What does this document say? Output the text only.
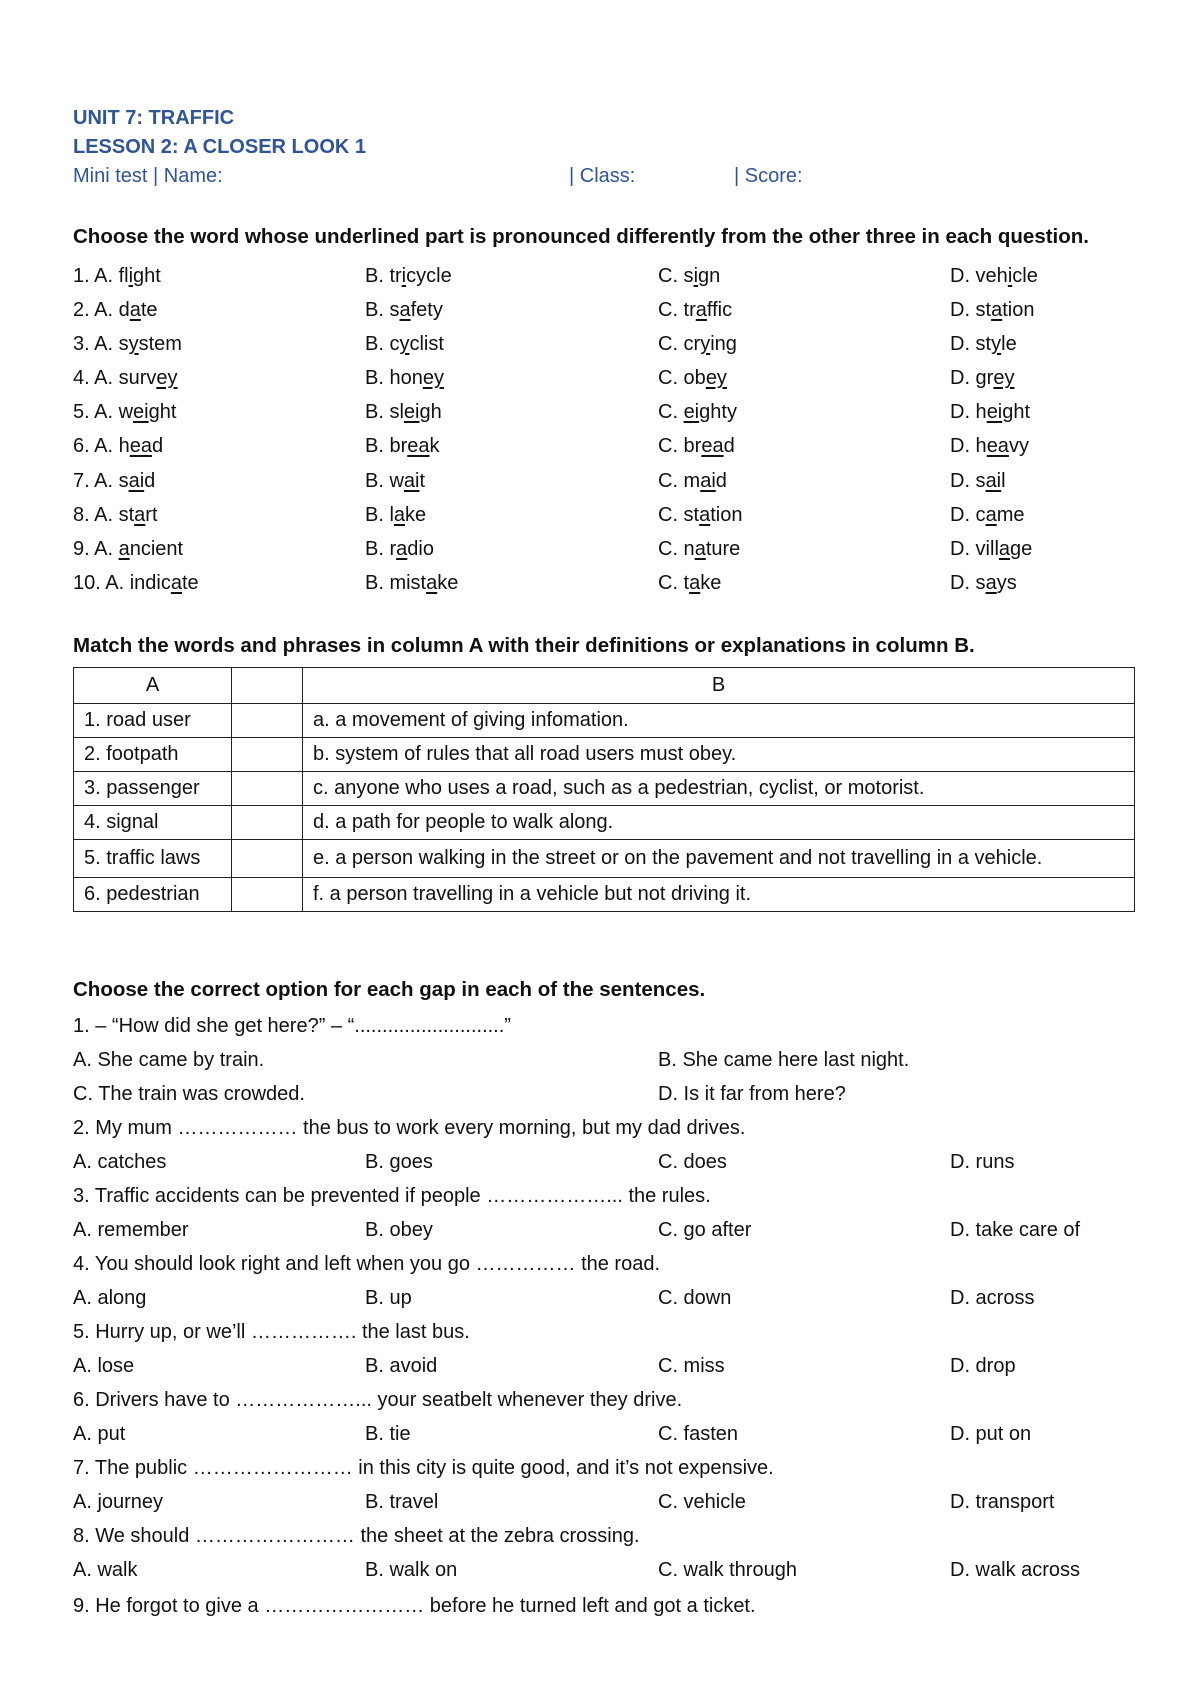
UNIT 7: TRAFFIC
LESSON 2: A CLOSER LOOK 1
Mini test | Name:	| Class:	| Score:
Choose the word whose underlined part is pronounced differently from the other three in each question.
1. A. flight	B. tricycle	C. sign	D. vehicle
2. A. date	B. safety	C. traffic	D. station
3. A. system	B. cyclist	C. crying	D. style
4. A. survey	B. honey	C. obey	D. grey
5. A. weight	B. sleigh	C. eighty	D. height
6. A. head	B. break	C. bread	D. heavy
7. A. said	B. wait	C. maid	D. sail
8. A. start	B. lake	C. station	D. came
9. A. ancient	B. radio	C. nature	D. village
10. A. indicate	B. mistake	C. take	D. says
Match the words and phrases in column A with their definitions or explanations in column B.
A		B
1. road user		a. a movement of giving infomation.
2. footpath		b. system of rules that all road users must obey.
3. passenger		c. anyone who uses a road, such as a pedestrian, cyclist, or motorist.
4. signal		d. a path for people to walk along.
5. traffic laws		e. a person walking in the street or on the pavement and not travelling in a vehicle.
6. pedestrian		f. a person travelling in a vehicle but not driving it.
Choose the correct option for each gap in each of the sentences.
1. – “How did she get here?” – “...........................”
A. She came by train.	B. She came here last night.
C. The train was crowded.	D. Is it far from here?
2. My mum ……………… the bus to work every morning, but my dad drives.
A. catches	B. goes	C. does	D. runs
3. Traffic accidents can be prevented if people ………………... the rules.
A. remember	B. obey	C. go after	D. take care of
4. You should look right and left when you go …………… the road.
A. along	B. up	C. down	D. across
5. Hurry up, or we’ll ……………. the last bus.
A. lose	B. avoid	C. miss	D. drop
6. Drivers have to ………………... your seatbelt whenever they drive.
A. put	B. tie	C. fasten	D. put on
7. The public …………………… in this city is quite good, and it’s not expensive.
A. journey	B. travel	C. vehicle	D. transport
8. We should …………………… the sheet at the zebra crossing.
A. walk	B. walk on	C. walk through	D. walk across
9. He forgot to give a …………………… before he turned left and got a ticket.
